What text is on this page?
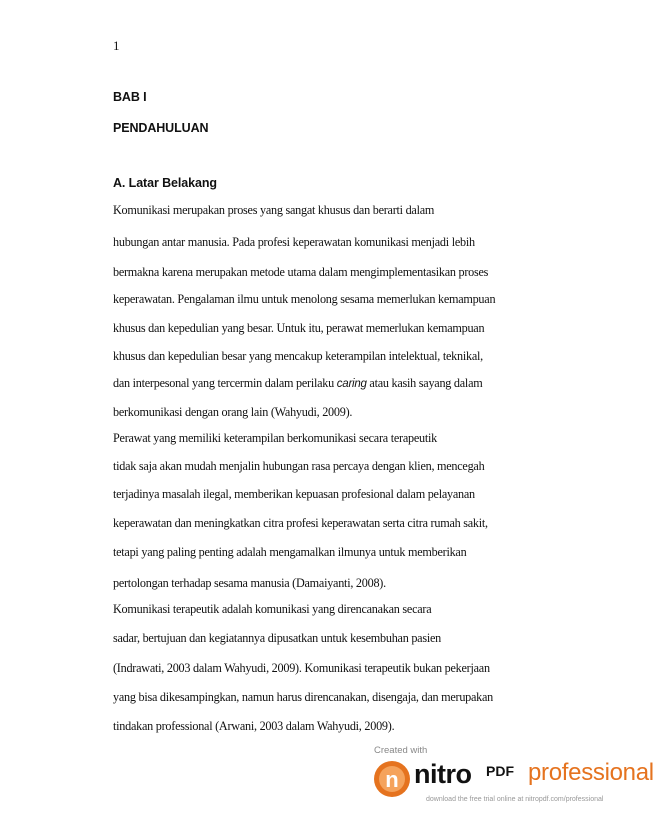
1
BAB I
PENDAHULUAN
A. Latar Belakang
Komunikasi merupakan proses yang sangat khusus dan berarti dalam
hubungan antar manusia. Pada profesi keperawatan komunikasi menjadi lebih
bermakna karena merupakan metode utama dalam mengimplementasikan proses
keperawatan. Pengalaman ilmu untuk menolong sesama memerlukan kemampuan
khusus dan kepedulian yang besar. Untuk itu, perawat memerlukan kemampuan
khusus dan kepedulian besar yang mencakup keterampilan intelektual, teknikal,
dan interpesonal yang tercermin dalam perilaku caring atau kasih sayang dalam
berkomunikasi dengan orang lain (Wahyudi, 2009).
Perawat yang memiliki keterampilan berkomunikasi secara terapeutik
tidak saja akan mudah menjalin hubungan rasa percaya dengan klien, mencegah
terjadinya masalah ilegal, memberikan kepuasan profesional dalam pelayanan
keperawatan dan meningkatkan citra profesi keperawatan serta citra rumah sakit,
tetapi yang paling penting adalah mengamalkan ilmunya untuk memberikan
pertolongan terhadap sesama manusia (Damaiyanti, 2008).
Komunikasi terapeutik adalah komunikasi yang direncanakan secara
sadar, bertujuan dan kegiatannya dipusatkan untuk kesembuhan pasien
(Indrawati, 2003 dalam Wahyudi, 2009). Komunikasi terapeutik bukan pekerjaan
yang bisa dikesampingkan, namun harus direncanakan, disengaja, dan merupakan
tindakan professional (Arwani, 2003 dalam Wahyudi, 2009).
Created with
n nitro PDF professional
download the free trial online at nitropdf.com/professional
